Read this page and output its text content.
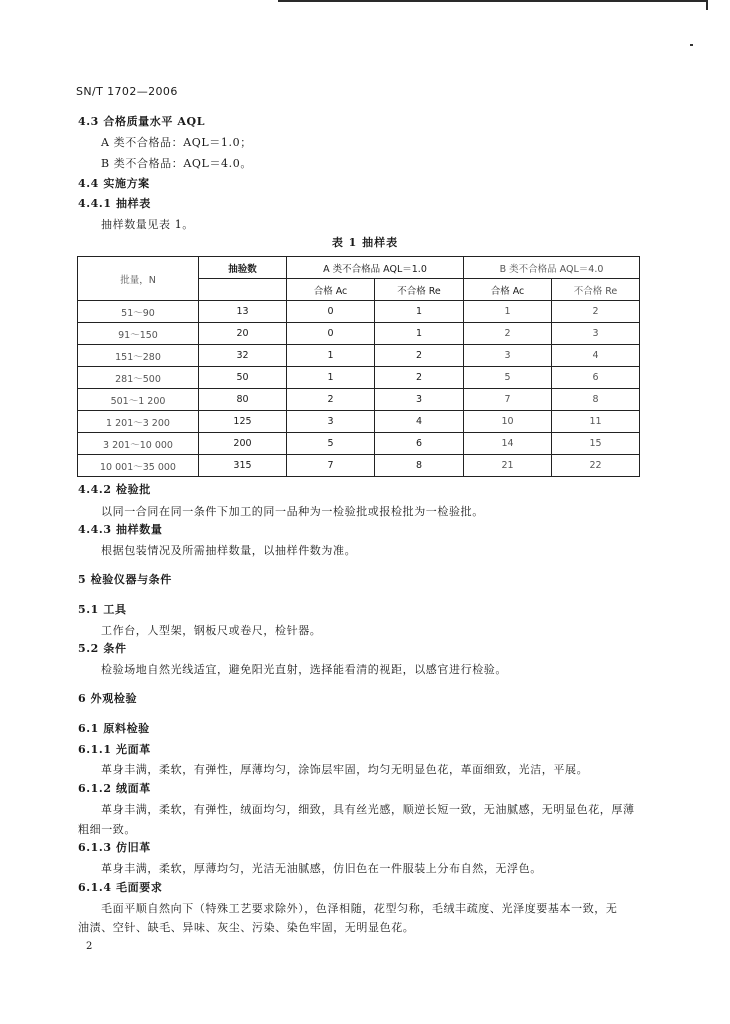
SN/T 1702—2006
4.3 合格质量水平 AQL
A 类不合格品：AQL＝1.0；
B 类不合格品：AQL＝4.0。
4.4 实施方案
4.4.1 抽样表
抽样数量见表 1。
表 1 抽样表
批量，N	抽验数	A 类不合格品 AQL＝1.0		B 类不合格品 AQL＝4.0	
		合格 Ac	不合格 Re	合格 Ac	不合格 Re
51～90	13	0	1	1	2
91～150	20	0	1	2	3
151～280	32	1	2	3	4
281～500	50	1	2	5	6
501～1 200	80	2	3	7	8
1 201～3 200	125	3	4	10	11
3 201～10 000	200	5	6	14	15
10 001～35 000	315	7	8	21	22
4.4.2 检验批
以同一合同在同一条件下加工的同一品种为一检验批或报检批为一检验批。
4.4.3 抽样数量
根据包装情况及所需抽样数量，以抽样件数为准。
5 检验仪器与条件
5.1 工具
工作台，人型架，钢板尺或卷尺，检针器。
5.2 条件
检验场地自然光线适宜，避免阳光直射，选择能看清的视距，以感官进行检验。
6 外观检验
6.1 原料检验
6.1.1 光面革
革身丰满，柔软，有弹性，厚薄均匀，涂饰层牢固，均匀无明显色花，革面细致，光洁，平展。
6.1.2 绒面革
革身丰满，柔软，有弹性，绒面均匀，细致，具有丝光感，顺逆长短一致，无油腻感，无明显色花，厚薄
粗细一致。
6.1.3 仿旧革
革身丰满，柔软，厚薄均匀，光洁无油腻感，仿旧色在一件服装上分布自然，无浮色。
6.1.4 毛面要求
毛面平顺自然向下（特殊工艺要求除外），色泽相随，花型匀称，毛绒丰疏度、光泽度要基本一致，无
油渍、空针、缺毛、异味、灰尘、污染、染色牢固，无明显色花。
2
